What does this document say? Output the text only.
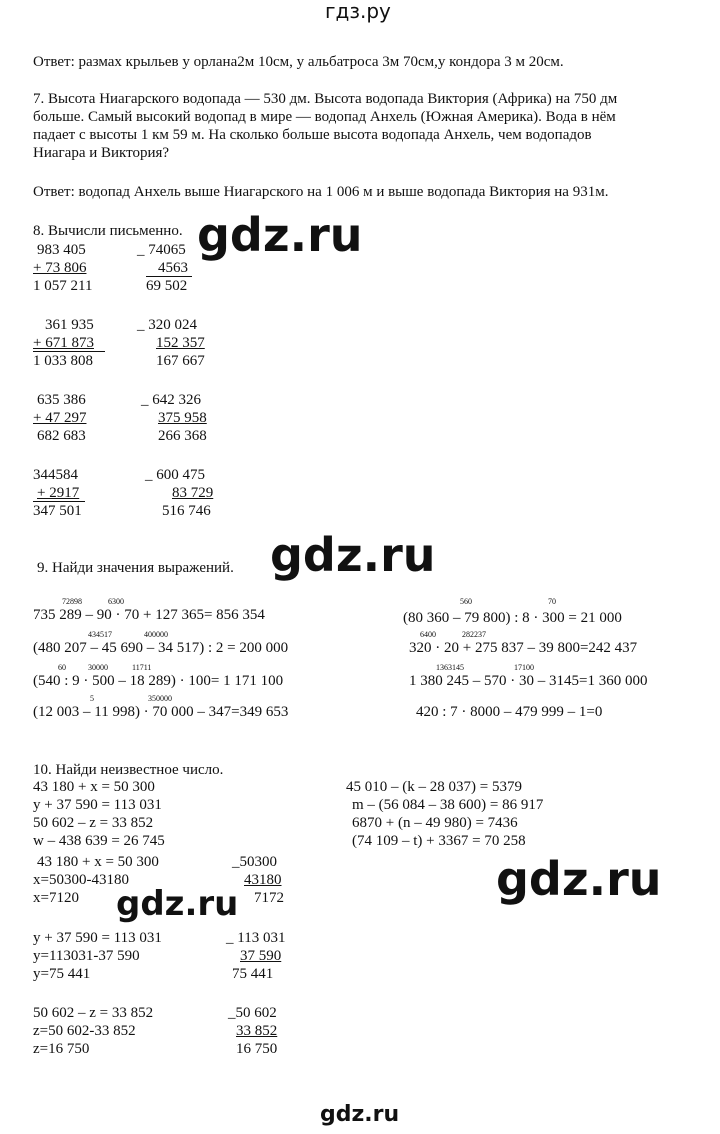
гдз.ру
Ответ: размах крыльев у орлана2м 10см, у альбатроса 3м 70см,у кондора 3 м 20см.
7. Высота Ниагарского водопада — 530 дм. Высота водопада Виктория (Африка) на 750 дм
больше. Самый высокий водопад в мире — водопад Анхель (Южная Америка). Вода в нём
падает с высоты 1 км 59 м. На сколько больше высота водопада Анхель, чем водопадов
Ниагара и Виктория?
Ответ: водопад Анхель выше Ниагарского на 1 006 м и выше водопада Виктория на 931м.
8. Вычисли письменно. gdz.ru
983 405
+ 73 806
1 057 211
_ 74065
4563
69 502
361 935
+ 671 873
1 033 808
_ 320 024
152 357
167 667
635 386
+ 47 297
682 683
_ 642 326
375 958
266 368
344584
+ 2917
347 501
_ 600 475
83 729
516 746
gdz.ru
9. Найди значения выражений.
72898	6300
735 289 – 90 · 70 + 127 365= 856 354
434517	400000
(480 207 – 45 690 – 34 517) : 2 = 200 000
60	30000	11711
(540 : 9 · 500 – 18 289) · 100= 1 171 100
5	350000
(12 003 – 11 998) · 70 000 – 347=349 653
560	70
(80 360 – 79 800) : 8 · 300 = 21 000
6400	282237
320 · 20 + 275 837 – 39 800=242 437
1363145	17100
1 380 245 – 570 · 30 – 3145=1 360 000
420 : 7 · 8000 – 479 999 – 1=0
10. Найди неизвестное число.
43 180 + x = 50 300
y + 37 590 = 113 031
50 602 – z = 33 852
w – 438 639 = 26 745
45 010 – (k – 28 037) = 5379
m – (56 084 – 38 600) = 86 917
6870 + (n – 49 980) = 7436
(74 109 – t) + 3367 = 70 258
gdz.ru
43 180 + x = 50 300
x=50300-43180
x=7120
_50300
43180
7172
gdz.ru
y + 37 590 = 113 031
y=113031-37 590
y=75 441
_ 113 031
37 590
75 441
50 602 – z = 33 852
z=50 602-33 852
z=16 750
_50 602
33 852
16 750
gdz.ru
